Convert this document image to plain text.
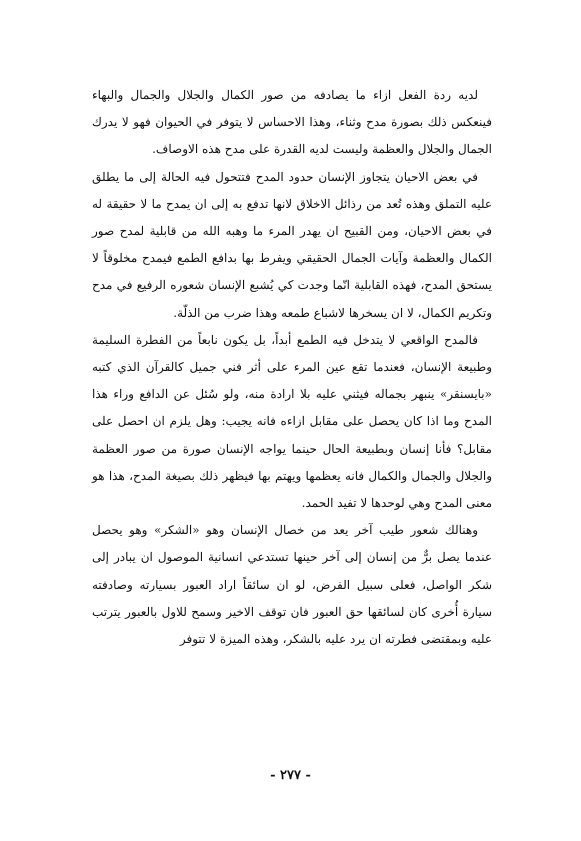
لديه ردة الفعل ازاء ما يصادفه من صور الكمال والجلال والجمال والبهاء فينعكس ذلك بصورة مدح وثناء، وهذا الاحساس لا يتوفر في الحيوان فهو لا يدرك الجمال والجلال والعظمة وليست لديه القدرة على مدح هذه الاوصاف.

في بعض الاحيان يتجاوز الإنسان حدود المدح فتتحول فيه الحالة إلى ما يطلق عليه التملق وهذه تُعد من رذائل الاخلاق لانها تدفع به إلى ان يمدح ما لا حقيقة له في بعض الاحيان، ومن القبيح ان يهدر المرء ما وهبه الله من قابلية لمدح صور الكمال والعظمة وآيات الجمال الحقيقي ويفرط بها بدافع الطمع فيمدح مخلوقاً لا يستحق المدح، فهذه القابلية انّما وجدت كي يُشبع الإنسان شعوره الرفيع في مدح وتكريم الكمال، لا ان يسخرها لاشباع طمعه وهذا ضرب من الذلّة.

فالمدح الواقعي لا يتدخل فيه الطمع أبداً، بل يكون نابعاً من الفطرة السليمة وطبيعة الإنسان، فعندما تقع عين المرء على أثر فني جميل كالقرآن الذي كتبه «بايسنقر» ينبهر بجماله فيثني عليه بلا ارادة منه، ولو سُئل عن الدافع وراء هذا المدح وما اذا كان يحصل على مقابل ازاءه فانه يجيب: وهل يلزم ان احصل على مقابل؟ فأنا إنسان وبطبيعة الحال حينما يواجه الإنسان صورة من صور العظمة والجلال والجمال والكمال فانه يعظمها ويهتم بها فيظهر ذلك بصيغة المدح، هذا هو معنى المدح وهي لوحدها لا تفيد الحمد.

وهنالك شعور طيب آخر يعد من خصال الإنسان وهو «الشكر» وهو يحصل عندما يصل برٌّ من إنسان إلى آخر حينها تستدعي انسانية الموصول ان يبادر إلى شكر الواصل، فعلى سبيل الفرض، لو ان سائقاً اراد العبور بسيارته وصادفته سيارة أُخرى كان لسائقها حق العبور فان توقف الاخير وسمح للاول بالعبور يترتب عليه وبمقتضى فطرته ان يرد عليه بالشكر، وهذه الميزة لا تتوفر

- ٢٧٧ -
